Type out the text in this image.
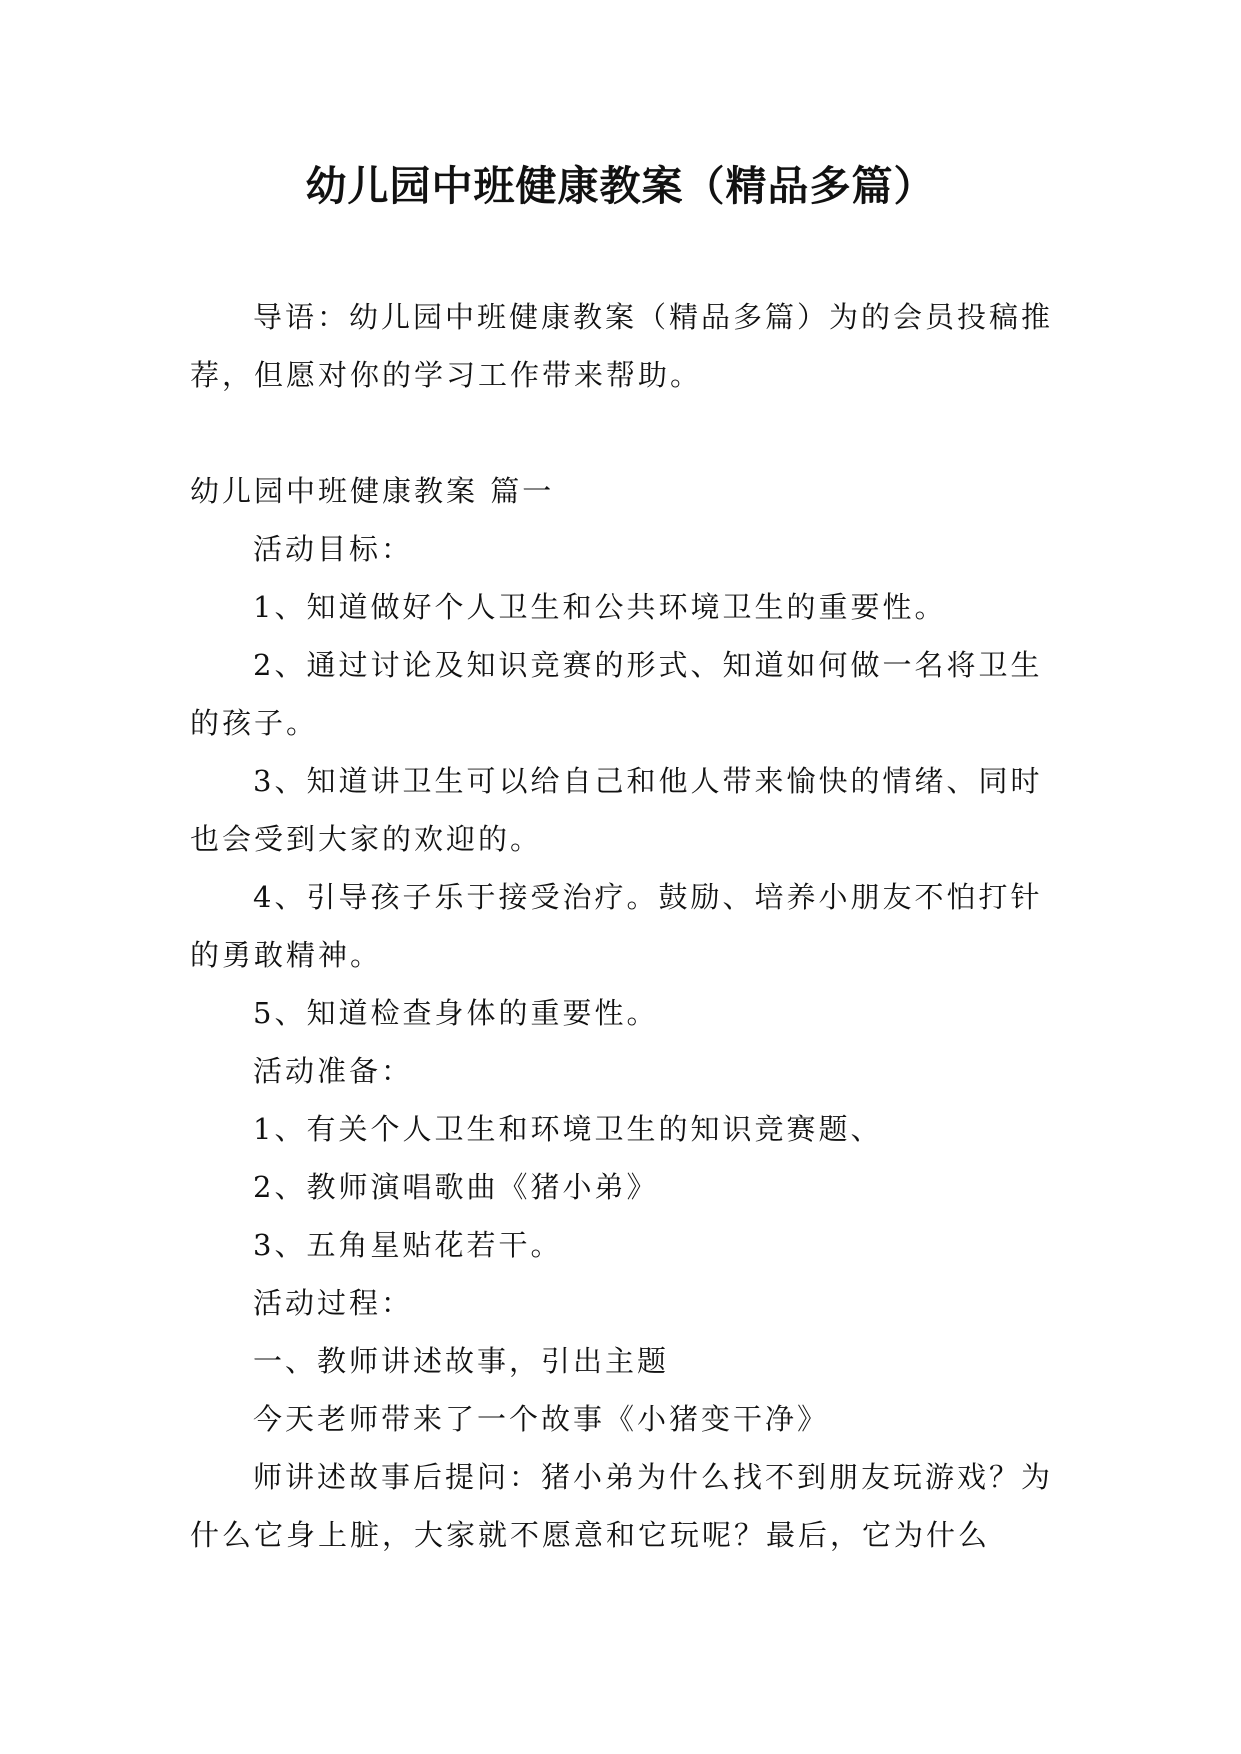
幼儿园中班健康教案（精品多篇）

导语：幼儿园中班健康教案（精品多篇）为的会员投稿推荐，但愿对你的学习工作带来帮助。

幼儿园中班健康教案 篇一

活动目标：

1、知道做好个人卫生和公共环境卫生的重要性。

2、通过讨论及知识竞赛的形式、知道如何做一名将卫生的孩子。

3、知道讲卫生可以给自己和他人带来愉快的情绪、同时也会受到大家的欢迎的。

4、引导孩子乐于接受治疗。鼓励、培养小朋友不怕打针的勇敢精神。

5、知道检查身体的重要性。

活动准备：

1、有关个人卫生和环境卫生的知识竞赛题、

2、教师演唱歌曲《猪小弟》

3、五角星贴花若干。

活动过程：

一、教师讲述故事，引出主题

今天老师带来了一个故事《小猪变干净》

师讲述故事后提问：猪小弟为什么找不到朋友玩游戏？为什么它身上脏，大家就不愿意和它玩呢？最后，它为什么
